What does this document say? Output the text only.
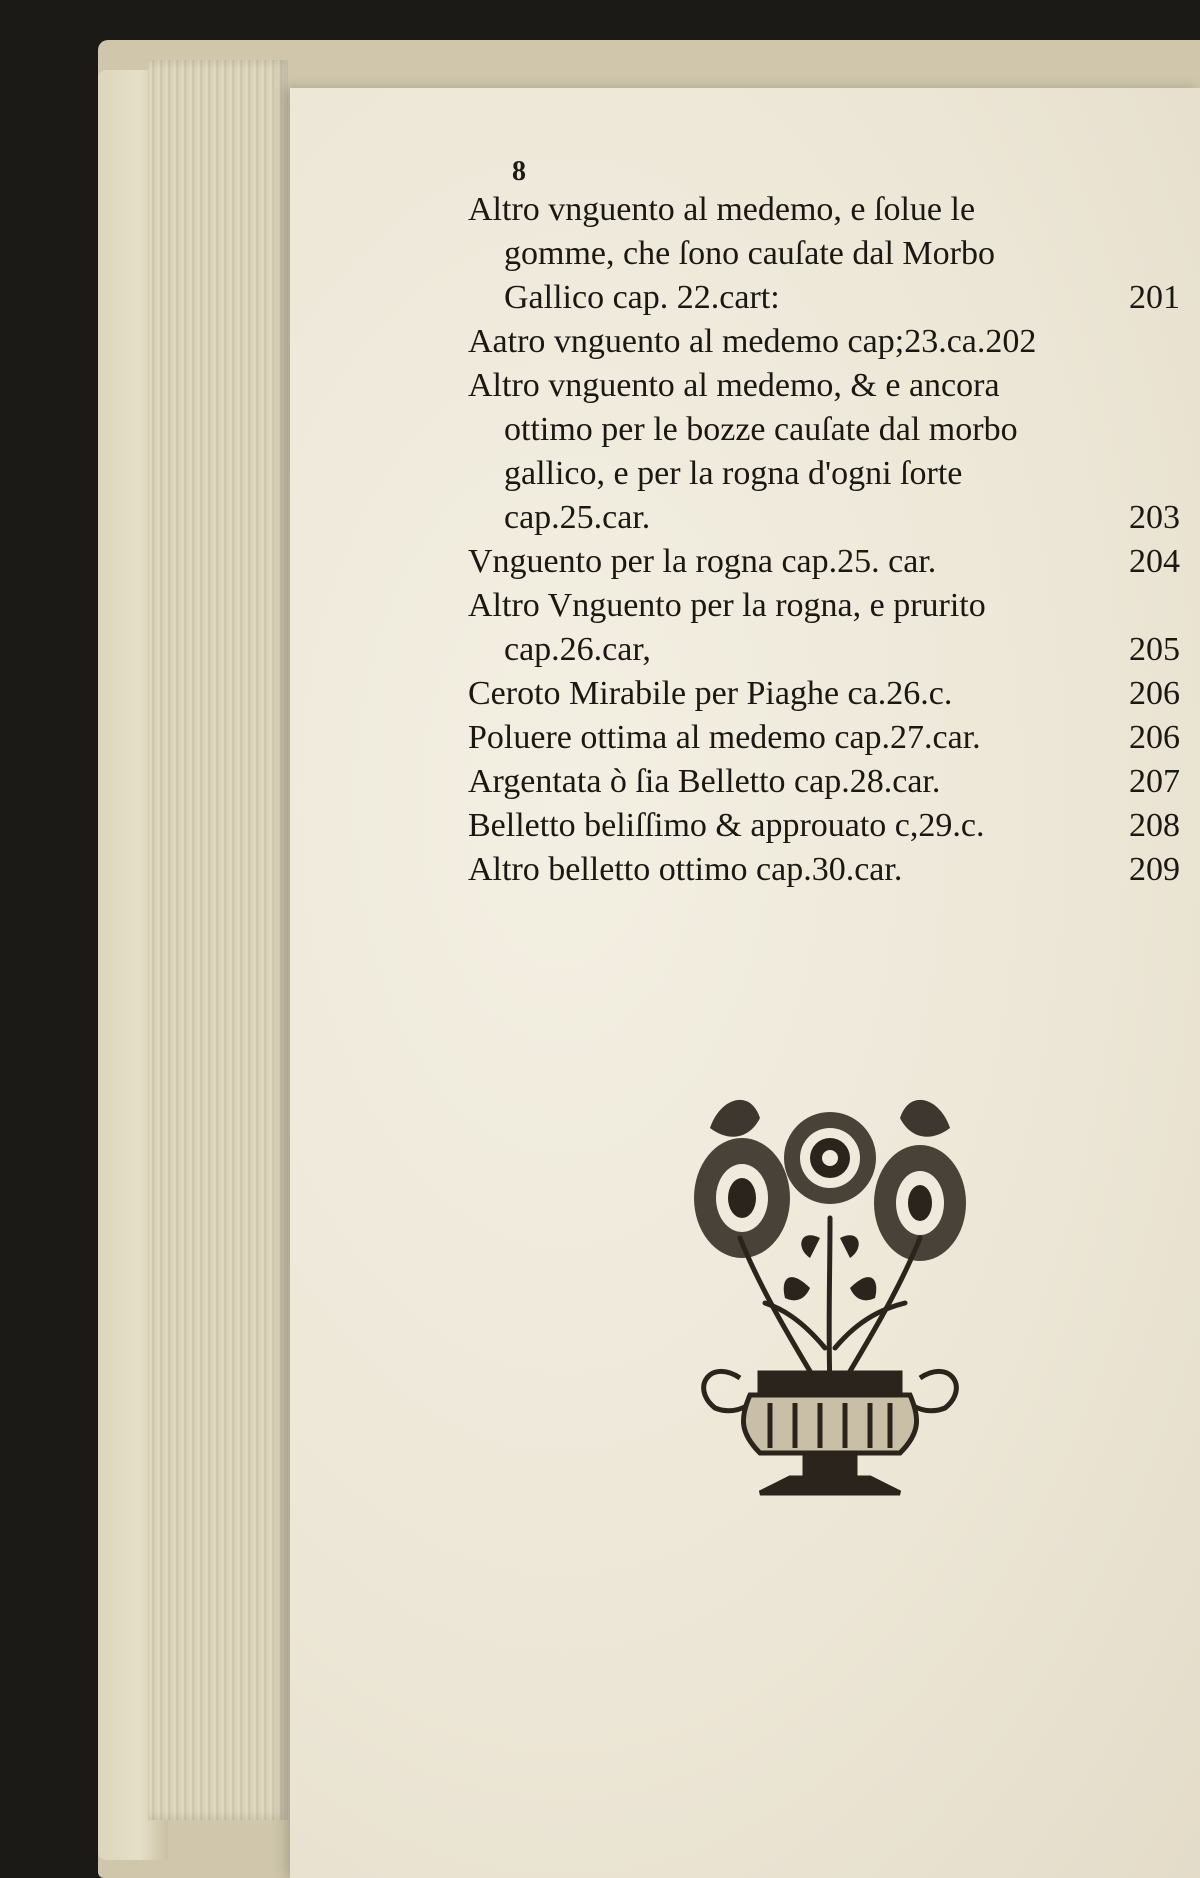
8
Altro vnguento al medemo, e ſolue le
gomme, che ſono cauſate dal Morbo
Gallico cap. 22.cart:	201
Aatro vnguento al medemo cap;23.ca.202
Altro vnguento al medemo, & e ancora
ottimo per le bozze cauſate dal morbo
gallico, e per la rogna d'ogni ſorte
cap.25.car.	203
Vnguento per la rogna cap.25. car.	204
Altro Vnguento per la rogna, e prurito
cap.26.car,	205
Ceroto Mirabile per Piaghe ca.26.c.	206
Poluere ottima al medemo cap.27.car.	206
Argentata ò ſia Belletto cap.28.car.	207
Belletto beliſſimo & approuato c,29.c.	208
Altro belletto ottimo cap.30.car.	209
